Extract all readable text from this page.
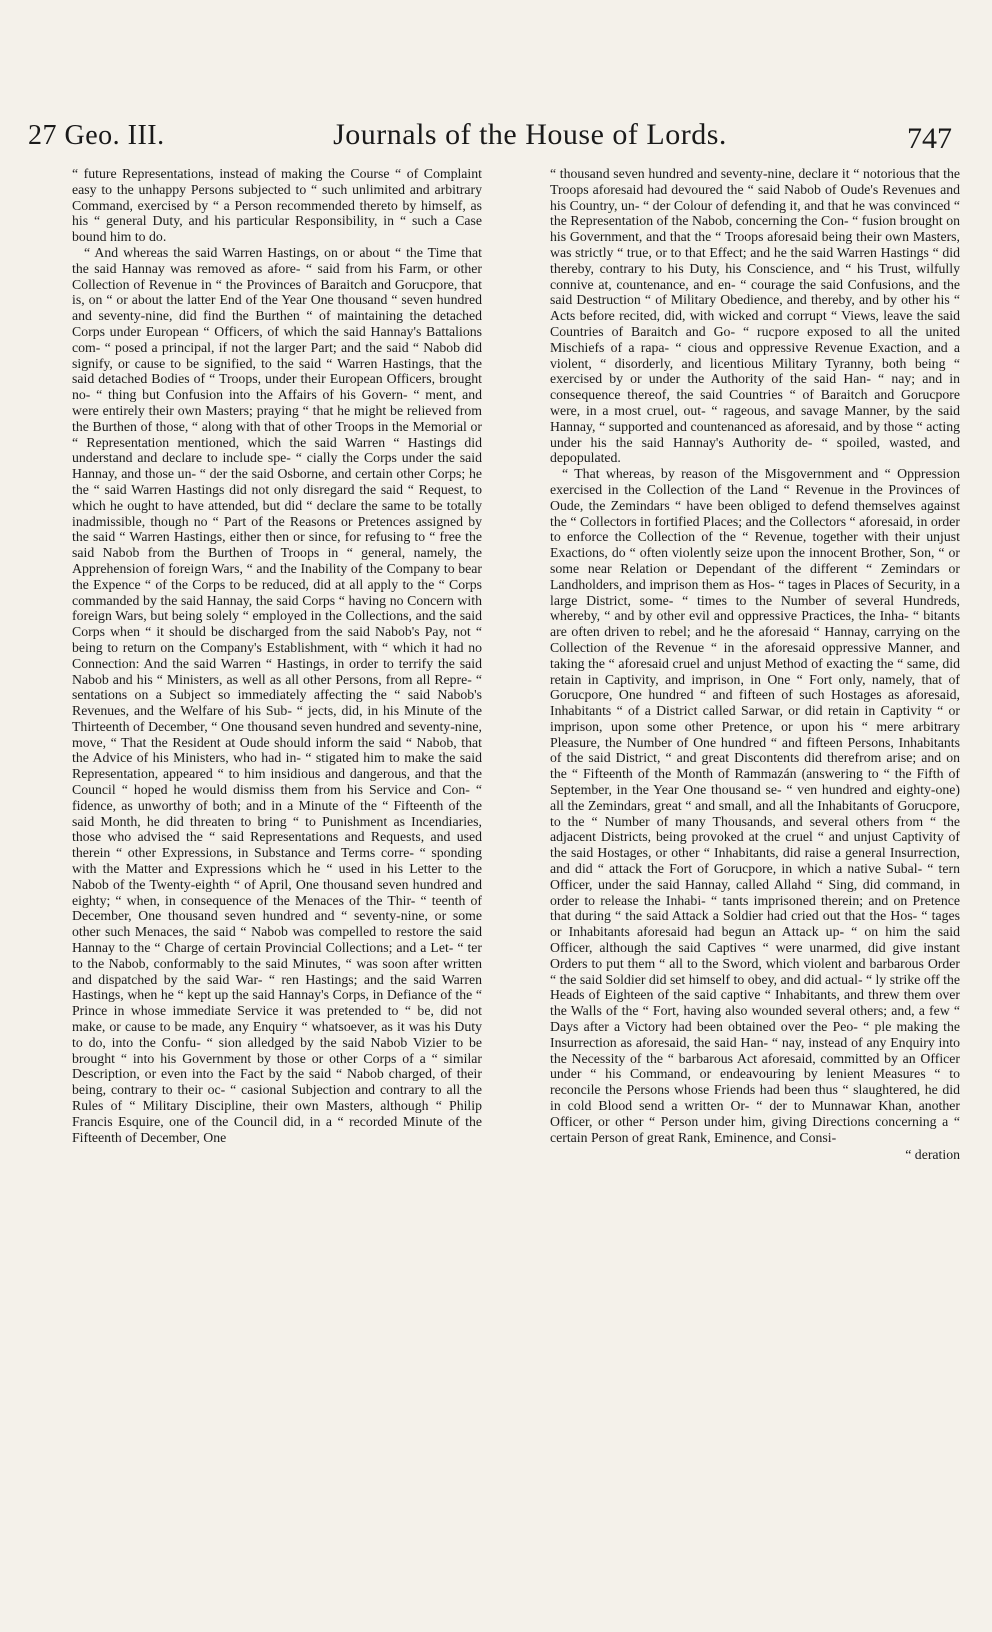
27 Geo. III.	Journals of the House of Lords.	747

“ future Representations, instead of making the Course “ of Complaint easy to the unhappy Persons subjected to “ such unlimited and arbitrary Command, exercised by “ a Person recommended thereto by himself, as his “ general Duty, and his particular Responsibility, in “ such a Case bound him to do.

“ And whereas the said Warren Hastings, on or about “ the Time that the said Hannay was removed as afore- “ said from his Farm, or other Collection of Revenue in “ the Provinces of Baraitch and Gorucpore, that is, on “ or about the latter End of the Year One thousand “ seven hundred and seventy-nine, did find the Burthen “ of maintaining the detached Corps under European “ Officers, of which the said Hannay's Battalions com- “ posed a principal, if not the larger Part; and the said “ Nabob did signify, or cause to be signified, to the said “ Warren Hastings, that the said detached Bodies of “ Troops, under their European Officers, brought no- “ thing but Confusion into the Affairs of his Govern- “ ment, and were entirely their own Masters; praying “ that he might be relieved from the Burthen of those, “ along with that of other Troops in the Memorial or “ Representation mentioned, which the said Warren “ Hastings did understand and declare to include spe- “ cially the Corps under the said Hannay, and those un- “ der the said Osborne, and certain other Corps; he the “ said Warren Hastings did not only disregard the said “ Request, to which he ought to have attended, but did “ declare the same to be totally inadmissible, though no “ Part of the Reasons or Pretences assigned by the said “ Warren Hastings, either then or since, for refusing to “ free the said Nabob from the Burthen of Troops in “ general, namely, the Apprehension of foreign Wars, “ and the Inability of the Company to bear the Expence “ of the Corps to be reduced, did at all apply to the “ Corps commanded by the said Hannay, the said Corps “ having no Concern with foreign Wars, but being solely “ employed in the Collections, and the said Corps when “ it should be discharged from the said Nabob's Pay, not “ being to return on the Company's Establishment, with “ which it had no Connection: And the said Warren “ Hastings, in order to terrify the said Nabob and his “ Ministers, as well as all other Persons, from all Repre- “ sentations on a Subject so immediately affecting the “ said Nabob's Revenues, and the Welfare of his Sub- “ jects, did, in his Minute of the Thirteenth of December, “ One thousand seven hundred and seventy-nine, move, “ That the Resident at Oude should inform the said “ Nabob, that the Advice of his Ministers, who had in- “ stigated him to make the said Representation, appeared “ to him insidious and dangerous, and that the Council “ hoped he would dismiss them from his Service and Con- “ fidence, as unworthy of both; and in a Minute of the “ Fifteenth of the said Month, he did threaten to bring “ to Punishment as Incendiaries, those who advised the “ said Representations and Requests, and used therein “ other Expressions, in Substance and Terms corre- “ sponding with the Matter and Expressions which he “ used in his Letter to the Nabob of the Twenty-eighth “ of April, One thousand seven hundred and eighty; “ when, in consequence of the Menaces of the Thir- “ teenth of December, One thousand seven hundred and “ seventy-nine, or some other such Menaces, the said “ Nabob was compelled to restore the said Hannay to the “ Charge of certain Provincial Collections; and a Let- “ ter to the Nabob, conformably to the said Minutes, “ was soon after written and dispatched by the said War- “ ren Hastings; and the said Warren Hastings, when he “ kept up the said Hannay's Corps, in Defiance of the “ Prince in whose immediate Service it was pretended to “ be, did not make, or cause to be made, any Enquiry “ whatsoever, as it was his Duty to do, into the Confu- “ sion alledged by the said Nabob Vizier to be brought “ into his Government by those or other Corps of a “ similar Description, or even into the Fact by the said “ Nabob charged, of their being, contrary to their oc- “ casional Subjection and contrary to all the Rules of “ Military Discipline, their own Masters, although “ Philip Francis Esquire, one of the Council did, in a “ recorded Minute of the Fifteenth of December, One

“ thousand seven hundred and seventy-nine, declare it “ notorious that the Troops aforesaid had devoured the “ said Nabob of Oude's Revenues and his Country, un- “ der Colour of defending it, and that he was convinced “ the Representation of the Nabob, concerning the Con- “ fusion brought on his Government, and that the “ Troops aforesaid being their own Masters, was strictly “ true, or to that Effect; and he the said Warren Hastings “ did thereby, contrary to his Duty, his Conscience, and “ his Trust, wilfully connive at, countenance, and en- “ courage the said Confusions, and the said Destruction “ of Military Obedience, and thereby, and by other his “ Acts before recited, did, with wicked and corrupt “ Views, leave the said Countries of Baraitch and Go- “ rucpore exposed to all the united Mischiefs of a rapa- “ cious and oppressive Revenue Exaction, and a violent, “ disorderly, and licentious Military Tyranny, both being “ exercised by or under the Authority of the said Han- “ nay; and in consequence thereof, the said Countries “ of Baraitch and Gorucpore were, in a most cruel, out- “ rageous, and savage Manner, by the said Hannay, “ supported and countenanced as aforesaid, and by those “ acting under his the said Hannay's Authority de- “ spoiled, wasted, and depopulated.

“ That whereas, by reason of the Misgovernment and “ Oppression exercised in the Collection of the Land “ Revenue in the Provinces of Oude, the Zemindars “ have been obliged to defend themselves against the “ Collectors in fortified Places; and the Collectors “ aforesaid, in order to enforce the Collection of the “ Revenue, together with their unjust Exactions, do “ often violently seize upon the innocent Brother, Son, “ or some near Relation or Dependant of the different “ Zemindars or Landholders, and imprison them as Hos- “ tages in Places of Security, in a large District, some- “ times to the Number of several Hundreds, whereby, “ and by other evil and oppressive Practices, the Inha- “ bitants are often driven to rebel; and he the aforesaid “ Hannay, carrying on the Collection of the Revenue “ in the aforesaid oppressive Manner, and taking the “ aforesaid cruel and unjust Method of exacting the “ same, did retain in Captivity, and imprison, in One “ Fort only, namely, that of Gorucpore, One hundred “ and fifteen of such Hostages as aforesaid, Inhabitants “ of a District called Sarwar, or did retain in Captivity “ or imprison, upon some other Pretence, or upon his “ mere arbitrary Pleasure, the Number of One hundred “ and fifteen Persons, Inhabitants of the said District, “ and great Discontents did therefrom arise; and on the “ Fifteenth of the Month of Rammazán (answering to “ the Fifth of September, in the Year One thousand se- “ ven hundred and eighty-one) all the Zemindars, great “ and small, and all the Inhabitants of Gorucpore, to the “ Number of many Thousands, and several others from “ the adjacent Districts, being provoked at the cruel “ and unjust Captivity of the said Hostages, or other “ Inhabitants, did raise a general Insurrection, and did “ attack the Fort of Gorucpore, in which a native Subal- “ tern Officer, under the said Hannay, called Allahd “ Sing, did command, in order to release the Inhabi- “ tants imprisoned therein; and on Pretence that during “ the said Attack a Soldier had cried out that the Hos- “ tages or Inhabitants aforesaid had begun an Attack up- “ on him the said Officer, although the said Captives “ were unarmed, did give instant Orders to put them “ all to the Sword, which violent and barbarous Order “ the said Soldier did set himself to obey, and did actual- “ ly strike off the Heads of Eighteen of the said captive “ Inhabitants, and threw them over the Walls of the “ Fort, having also wounded several others; and, a few “ Days after a Victory had been obtained over the Peo- “ ple making the Insurrection as aforesaid, the said Han- “ nay, instead of any Enquiry into the Necessity of the “ barbarous Act aforesaid, committed by an Officer under “ his Command, or endeavouring by lenient Measures “ to reconcile the Persons whose Friends had been thus “ slaughtered, he did in cold Blood send a written Or- “ der to Munnawar Khan, another Officer, or other “ Person under him, giving Directions concerning a “ certain Person of great Rank, Eminence, and Consi-

“ deration
